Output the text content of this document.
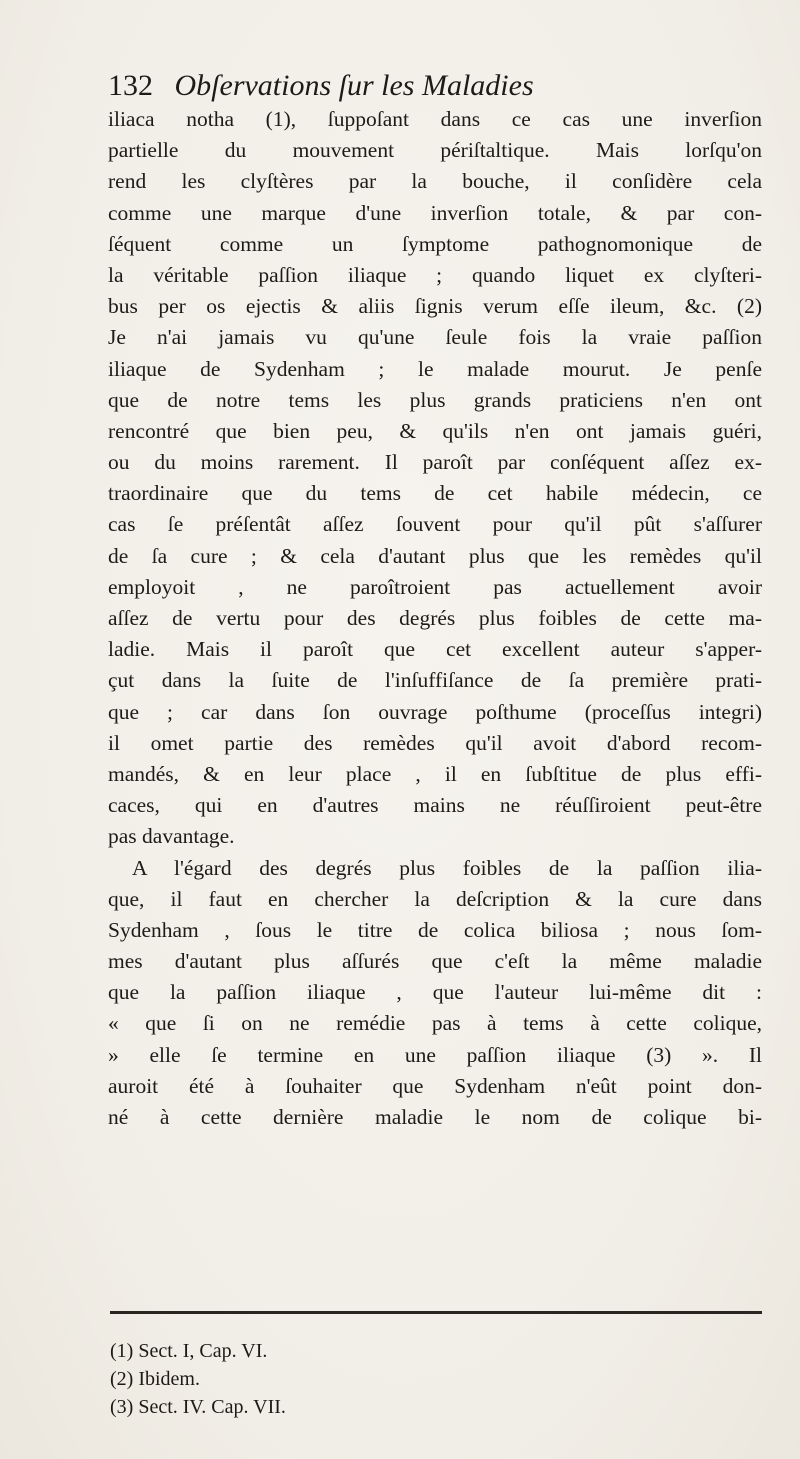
132 Obſervations ſur les Maladies
iliaca notha (1), ſuppoſant dans ce cas une inverſion
partielle du mouvement périſtaltique. Mais lorſqu'on
rend les clyſtères par la bouche, il conſidère cela
comme une marque d'une inverſion totale, & par con-
ſéquent comme un ſymptome pathognomonique de
la véritable paſſion iliaque ; quando liquet ex clyſteri-
bus per os ejectis & aliis ſignis verum eſſe ileum, &c. (2)
Je n'ai jamais vu qu'une ſeule fois la vraie paſſion
iliaque de Sydenham ; le malade mourut. Je penſe
que de notre tems les plus grands praticiens n'en ont
rencontré que bien peu, & qu'ils n'en ont jamais guéri,
ou du moins rarement. Il paroît par conſéquent aſſez ex-
traordinaire que du tems de cet habile médecin, ce
cas ſe préſentât aſſez ſouvent pour qu'il pût s'aſſurer
de ſa cure ; & cela d'autant plus que les remèdes qu'il
employoit , ne paroîtroient pas actuellement avoir
aſſez de vertu pour des degrés plus foibles de cette ma-
ladie. Mais il paroît que cet excellent auteur s'apper-
çut dans la ſuite de l'inſuffiſance de ſa première prati-
que ; car dans ſon ouvrage poſthume (proceſſus integri)
il omet partie des remèdes qu'il avoit d'abord recom-
mandés, & en leur place , il en ſubſtitue de plus effi-
caces, qui en d'autres mains ne réuſſiroient peut-être
pas davantage.
A l'égard des degrés plus foibles de la paſſion ilia-
que, il faut en chercher la deſcription & la cure dans
Sydenham , ſous le titre de colica biliosa ; nous ſom-
mes d'autant plus aſſurés que c'eſt la même maladie
que la paſſion iliaque , que l'auteur lui-même dit :
« que ſi on ne remédie pas à tems à cette colique,
» elle ſe termine en une paſſion iliaque (3) ». Il
auroit été à ſouhaiter que Sydenham n'eût point don-
né à cette dernière maladie le nom de colique bi-
(1) Sect. I, Cap. VI.
(2) Ibidem.
(3) Sect. IV. Cap. VII.
